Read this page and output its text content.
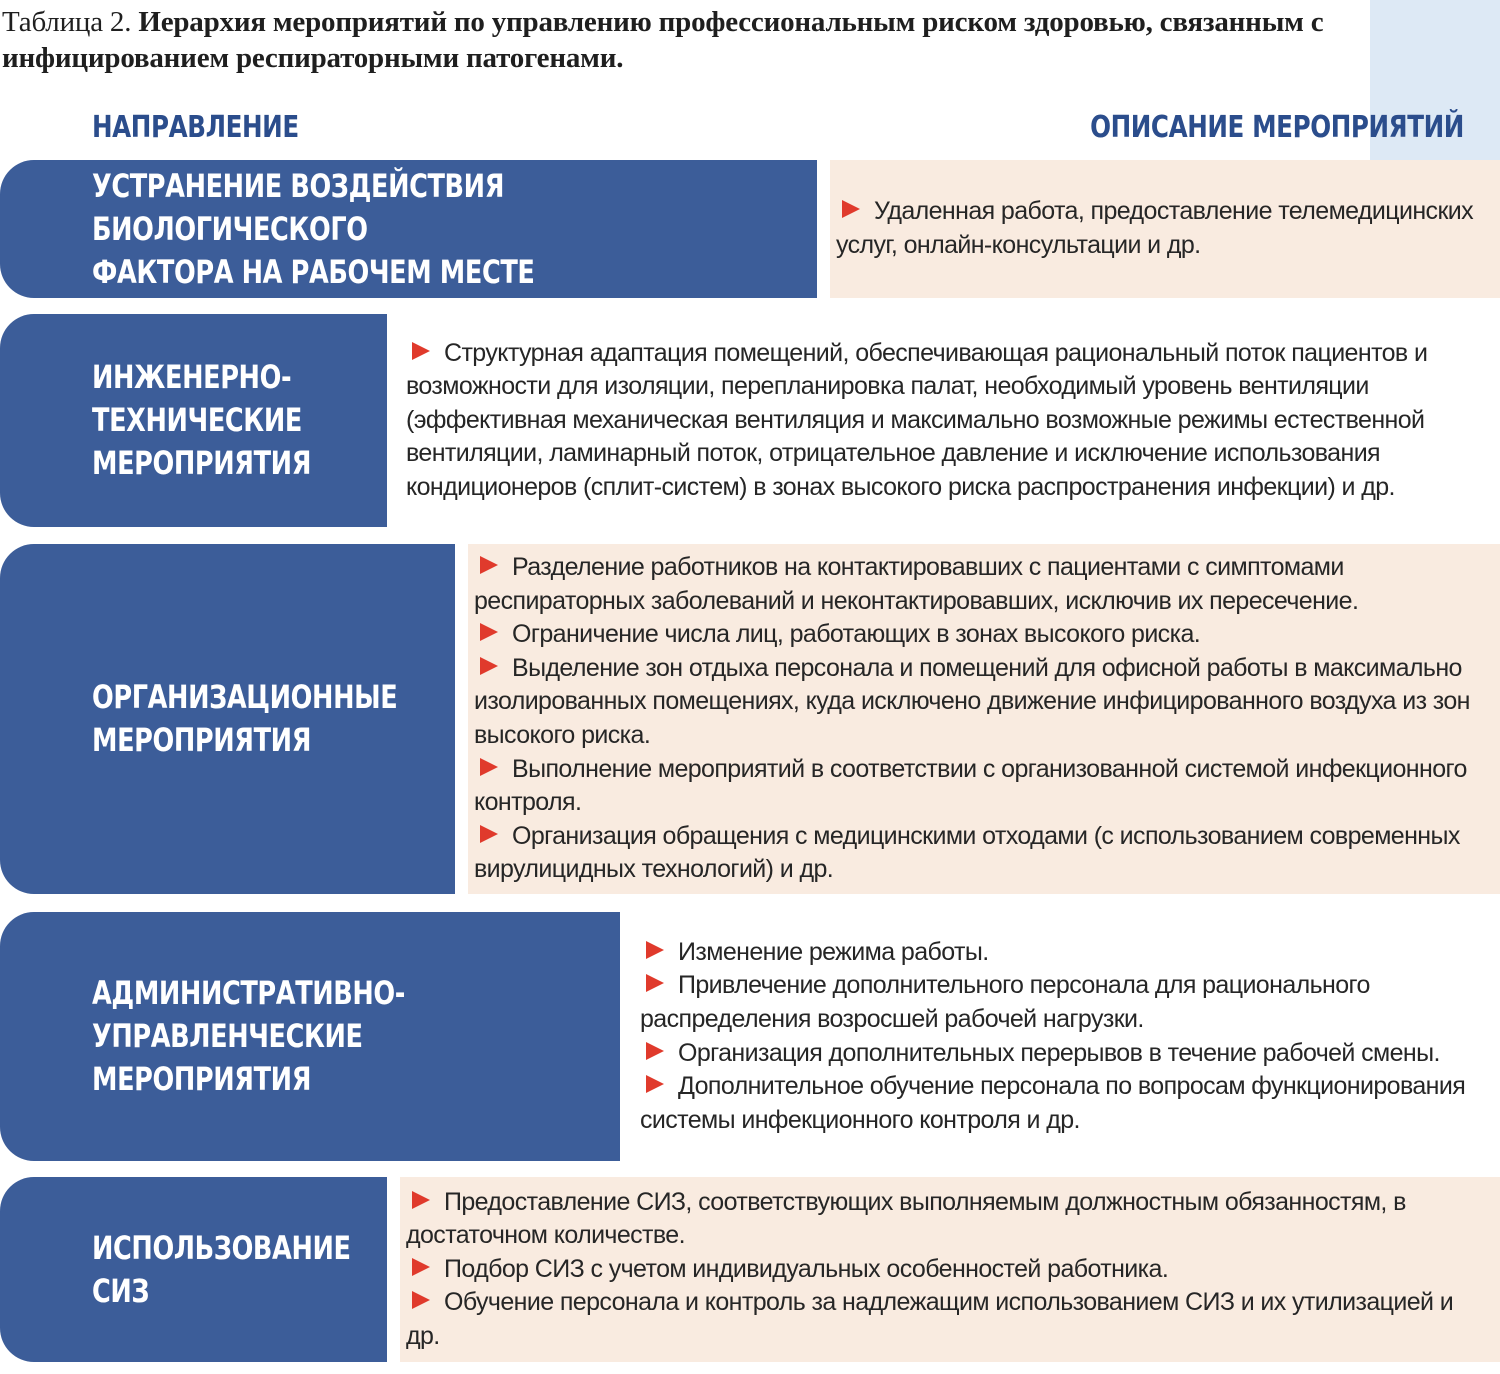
Таблица 2. Иерархия мероприятий по управлению профессиональным риском здоровью, связанным с инфицированием респираторными патогенами.
НАПРАВЛЕНИЕ	ОПИСАНИЕ МЕРОПРИЯТИЙ
УСТРАНЕНИЕ ВОЗДЕЙСТВИЯ БИОЛОГИЧЕСКОГО
ФАКТОРА НА РАБОЧЕМ МЕСТЕ
Удаленная работа, предоставление телемедицинских услуг, онлайн-консультации и др.
ИНЖЕНЕРНО-
ТЕХНИЧЕСКИЕ
МЕРОПРИЯТИЯ
Структурная адаптация помещений, обеспечивающая рациональный поток пациентов и возможности для изоляции, перепланировка палат, необходимый уровень вентиляции (эффективная механическая вентиляция и максимально возможные режимы естественной вентиляции, ламинарный поток, отрицательное давление и исключение использования кондиционеров (сплит-систем) в зонах высокого риска распространения инфекции) и др.
ОРГАНИЗАЦИОННЫЕ
МЕРОПРИЯТИЯ
Разделение работников на контактировавших с пациентами с симптомами респираторных заболеваний и неконтактировавших, исключив их пересечение.
Ограничение числа лиц, работающих в зонах высокого риска.
Выделение зон отдыха персонала и помещений для офисной работы в максимально изолированных помещениях, куда исключено движение инфицированного воздуха из зон высокого риска.
Выполнение мероприятий в соответствии с организованной системой инфекционного контроля.
Организация обращения с медицинскими отходами (с использованием современных вирулицидных технологий) и др.
АДМИНИСТРАТИВНО-
УПРАВЛЕНЧЕСКИЕ МЕРОПРИЯТИЯ
Изменение режима работы.
Привлечение дополнительного персонала для рационального распределения возросшей рабочей нагрузки.
Организация дополнительных перерывов в течение рабочей смены.
Дополнительное обучение персонала по вопросам функционирования системы инфекционного контроля и др.
ИСПОЛЬЗОВАНИЕ
СИЗ
Предоставление СИЗ, соответствующих выполняемым должностным обязанностям, в достаточном количестве.
Подбор СИЗ с учетом индивидуальных особенностей работника.
Обучение персонала и контроль за надлежащим использованием СИЗ и их утилизацией и др.
